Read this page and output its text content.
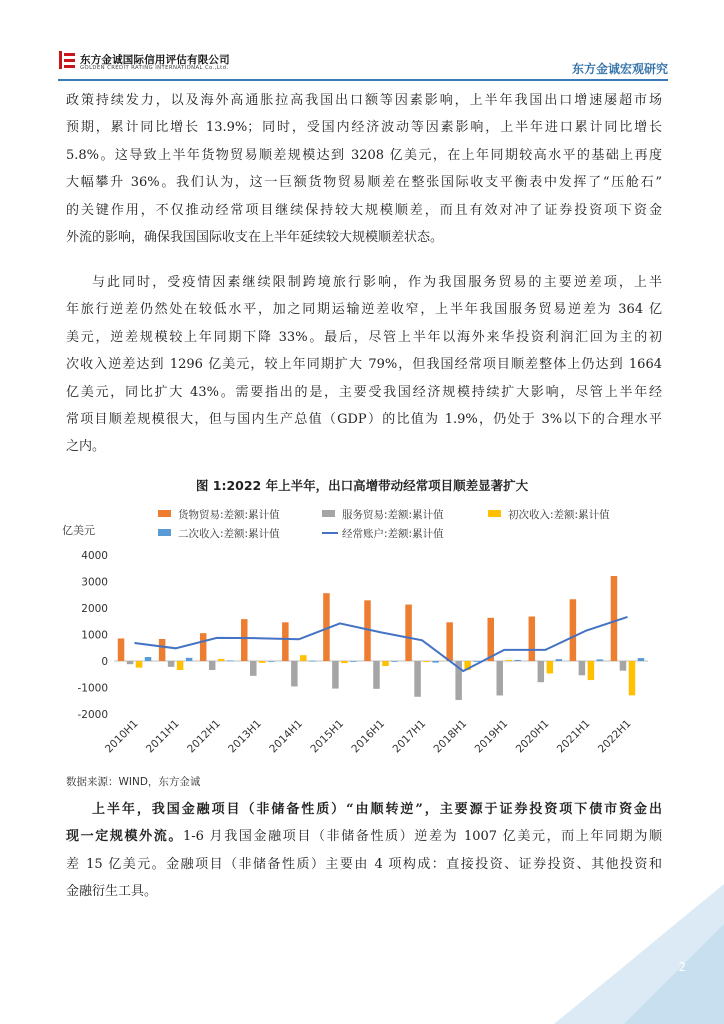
东方金诚国际信用评估有限公司
GOLDEN CREDIT RATING INTERNATIONAL Co.,Ltd.	东方金诚宏观研究
政策持续发力，以及海外高通胀拉高我国出口额等因素影响，上半年我国出口增速屡超市场
预期，累计同比增长 13.9%；同时，受国内经济波动等因素影响，上半年进口累计同比增长
5.8%。这导致上半年货物贸易顺差规模达到 3208 亿美元，在上年同期较高水平的基础上再度
大幅攀升 36%。我们认为，这一巨额货物贸易顺差在整张国际收支平衡表中发挥了“压舱石”
的关键作用，不仅推动经常项目继续保持较大规模顺差，而且有效对冲了证券投资项下资金
外流的影响，确保我国国际收支在上半年延续较大规模顺差状态。
与此同时，受疫情因素继续限制跨境旅行影响，作为我国服务贸易的主要逆差项，上半
年旅行逆差仍然处在较低水平，加之同期运输逆差收窄，上半年我国服务贸易逆差为 364 亿
美元，逆差规模较上年同期下降 33%。最后，尽管上半年以海外来华投资利润汇回为主的初
次收入逆差达到 1296 亿美元，较上年同期扩大 79%，但我国经常项目顺差整体上仍达到 1664
亿美元，同比扩大 43%。需要指出的是，主要受我国经济规模持续扩大影响，尽管上半年经
常项目顺差规模很大，但与国内生产总值（GDP）的比值为 1.9%，仍处于 3%以下的合理水平
之内。
图 1:2022 年上半年，出口高增带动经常项目顺差显著扩大
亿美元
货物贸易:差额:累计值	服务贸易:差额:累计值	初次收入:差额:累计值
二次收入:差额:累计值	经常账户:差额:累计值
4000
3000
2000
1000
0
-1000
-2000
2010H1 2011H1 2012H1 2013H1 2014H1 2015H1 2016H1 2017H1 2018H1 2019H1 2020H1 2021H1 2022H1
数据来源：WIND，东方金诚
上半年，我国金融项目（非储备性质）“由顺转逆”，主要源于证券投资项下债市资金出
现一定规模外流。1-6 月我国金融项目（非储备性质）逆差为 1007 亿美元，而上年同期为顺
差 15 亿美元。金融项目（非储备性质）主要由 4 项构成：直接投资、证券投资、其他投资和
金融衍生工具。
2
